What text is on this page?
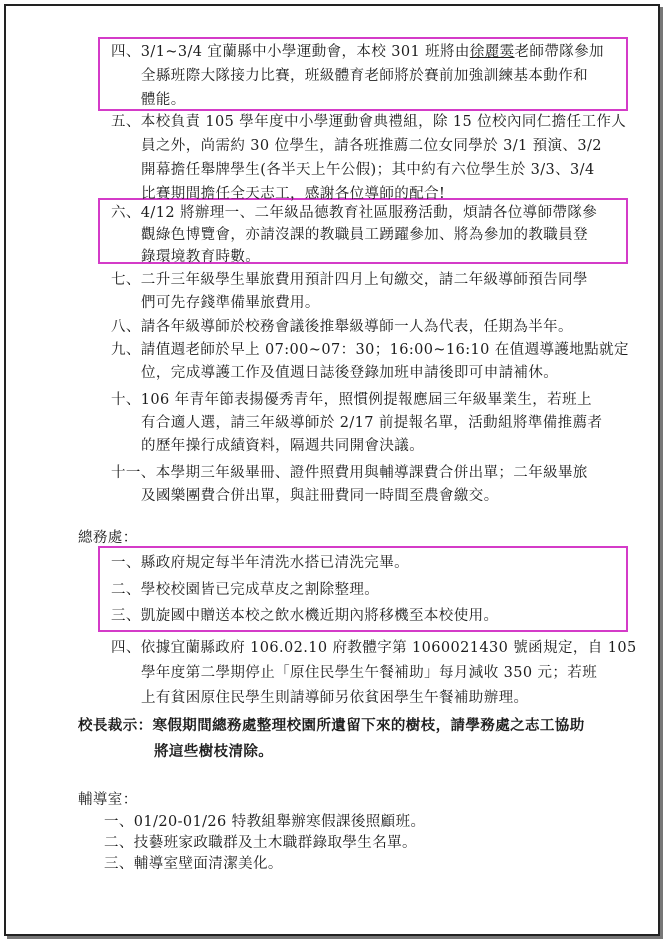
四、3/1~3/4 宜蘭縣中小學運動會，本校 301 班將由徐麗霙老師帶隊參加
全縣班際大隊接力比賽，班級體育老師將於賽前加強訓練基本動作和
體能。
五、本校負責 105 學年度中小學運動會典禮組，除 15 位校內同仁擔任工作人
員之外，尚需約 30 位學生，請各班推薦二位女同學於 3/1 預演、3/2
開幕擔任舉牌學生(各半天上午公假)；其中約有六位學生於 3/3、3/4
比賽期間擔任全天志工，感謝各位導師的配合!
六、4/12 將辦理一、二年級品德教育社區服務活動，煩請各位導師帶隊參
觀綠色博覽會，亦請沒課的教職員工踴躍參加、將為參加的教職員登
錄環境教育時數。
七、二升三年級學生畢旅費用預計四月上旬繳交，請二年級導師預告同學
們可先存錢準備畢旅費用。
八、請各年級導師於校務會議後推舉級導師一人為代表，任期為半年。
九、請值週老師於早上 07:00~07：30；16:00~16:10 在值週導護地點就定
位，完成導護工作及值週日誌後登錄加班申請後即可申請補休。
十、106 年青年節表揚優秀青年，照慣例提報應屆三年級畢業生，若班上
有合適人選，請三年級導師於 2/17 前提報名單，活動組將準備推薦者
的歷年操行成績資料，隔週共同開會決議。
十一、本學期三年級畢冊、證件照費用與輔導課費合併出單；二年級畢旅
及國樂團費合併出單，與註冊費同一時間至農會繳交。
總務處：
一、縣政府規定每半年清洗水搭已清洗完畢。
二、學校校園皆已完成草皮之割除整理。
三、凱旋國中贈送本校之飲水機近期內將移機至本校使用。
四、依據宜蘭縣政府 106.02.10 府教體字第 1060021430 號函規定，自 105
學年度第二學期停止「原住民學生午餐補助」每月減收 350 元；若班
上有貧困原住民學生則請導師另依貧困學生午餐補助辦理。
校長裁示：寒假期間總務處整理校園所遺留下來的樹枝，請學務處之志工協助
將這些樹枝清除。
輔導室：
一、01/20-01/26 特教組舉辦寒假課後照顧班。
二、技藝班家政職群及土木職群錄取學生名單。
三、輔導室壁面清潔美化。
